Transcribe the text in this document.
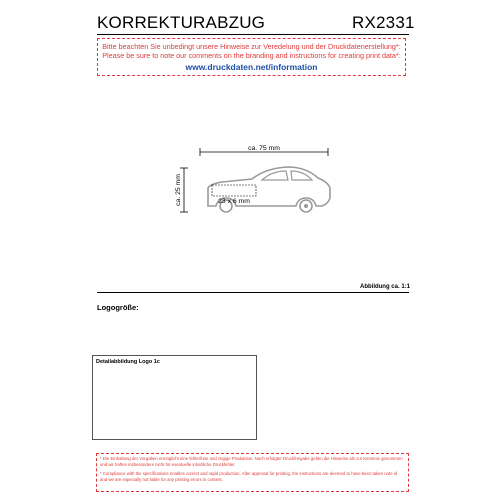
KORREKTURABZUG	RX2331
Bitte beachten Sie unbedingt unsere Hinweise zur Veredelung und der Druckdatenerstellung*:
Please be sure to note our comments on the branding and instructions for creating print data*:
www.druckdaten.net/information
ca. 75 mm
ca. 25 mm	23 x 6 mm
Abbildung ca. 1:1
Logogröße:
Detailabbildung Logo 1c

* Die Einhaltung der Vorgaben ermöglicht eine fehlerfreie und zügige Produktion. Nach erfolgter Druckfreigabe gelten die Hinweise als zur Kenntnis genommen und wir haften insbesondere nicht für eventuelle inhaltliche Druckfehler.

* Compliance with the specifications enables correct and rapid production. After approval for printing, the instructions are deemed to have been taken note of and we are especially not liable for any printing errors in content.
